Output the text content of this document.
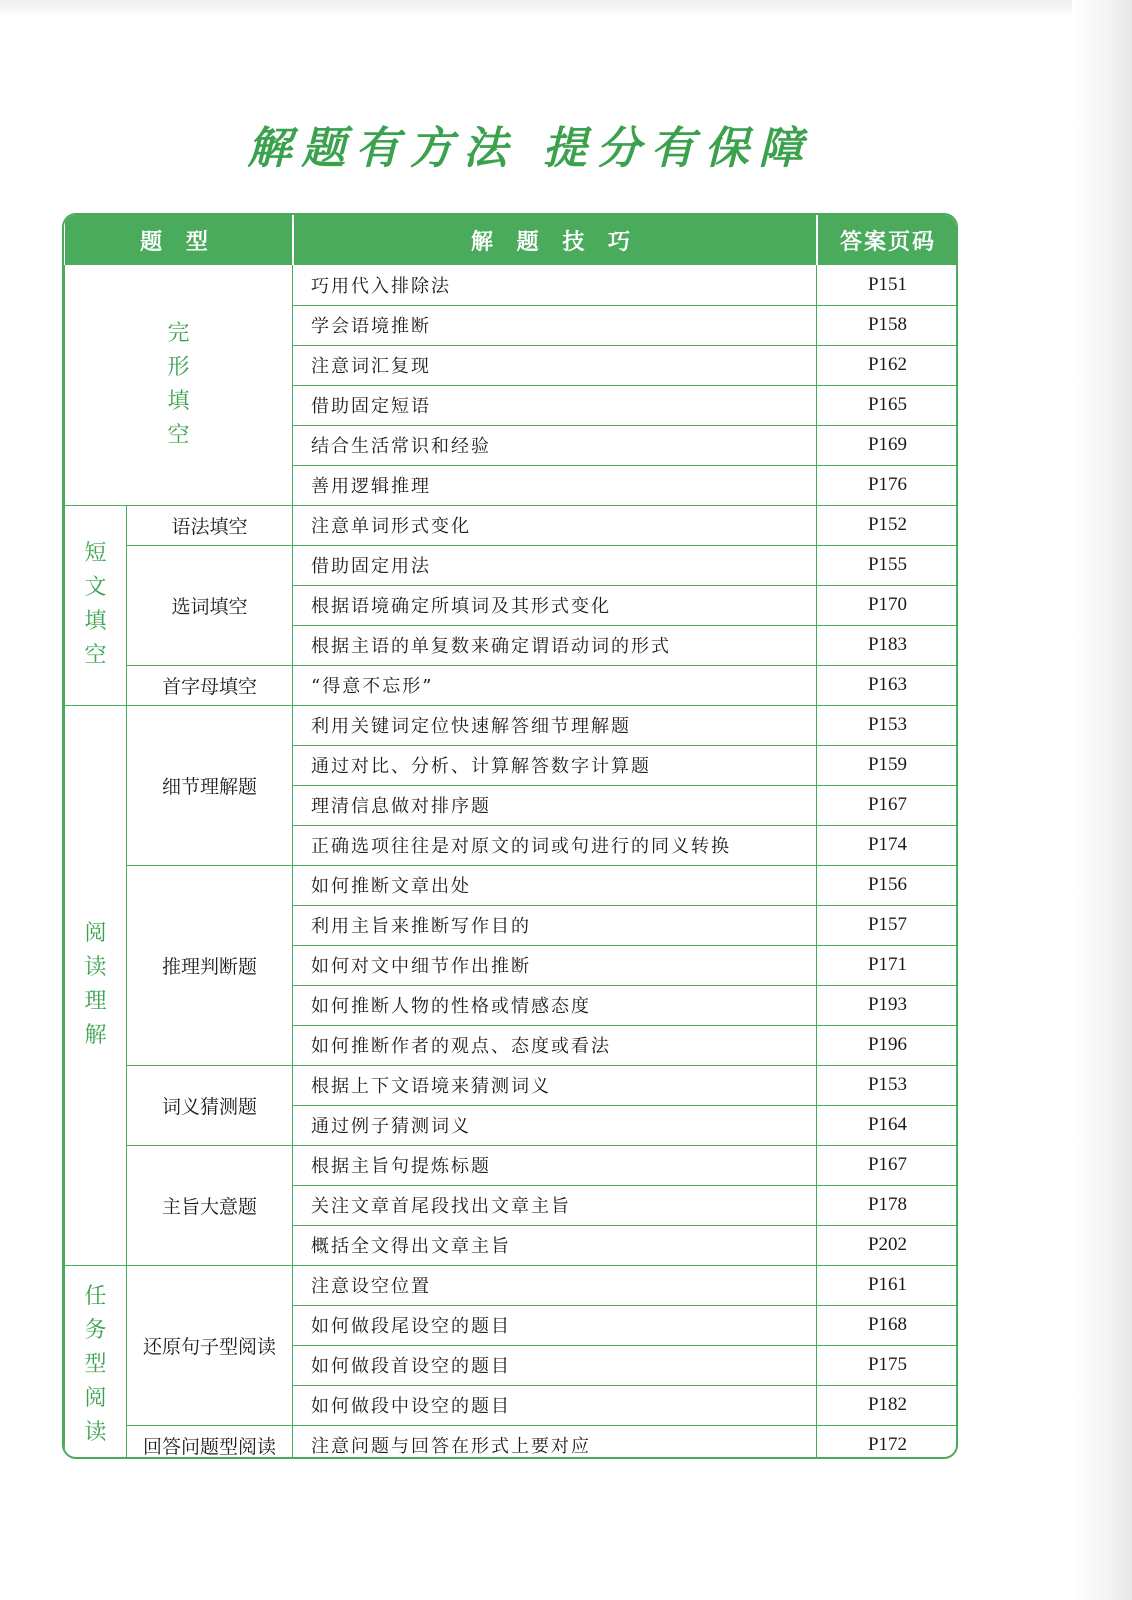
解题有方法 提分有保障
题 型		解 题 技 巧	答案页码
完形填空		巧用代入排除法	P151
		学会语境推断	P158
		注意词汇复现	P162
		借助固定短语	P165
		结合生活常识和经验	P169
		善用逻辑推理	P176
短文填空	语法填空	注意单词形式变化	P152
	选词填空	借助固定用法	P155
		根据语境确定所填词及其形式变化	P170
		根据主语的单复数来确定谓语动词的形式	P183
	首字母填空	“得意不忘形”	P163
阅读理解	细节理解题	利用关键词定位快速解答细节理解题	P153
		通过对比、分析、计算解答数字计算题	P159
		理清信息做对排序题	P167
		正确选项往往是对原文的词或句进行的同义转换	P174
	推理判断题	如何推断文章出处	P156
		利用主旨来推断写作目的	P157
		如何对文中细节作出推断	P171
		如何推断人物的性格或情感态度	P193
		如何推断作者的观点、态度或看法	P196
	词义猜测题	根据上下文语境来猜测词义	P153
		通过例子猜测词义	P164
	主旨大意题	根据主旨句提炼标题	P167
		关注文章首尾段找出文章主旨	P178
		概括全文得出文章主旨	P202
任务型阅读	还原句子型阅读	注意设空位置	P161
		如何做段尾设空的题目	P168
		如何做段首设空的题目	P175
		如何做段中设空的题目	P182
	回答问题型阅读	注意问题与回答在形式上要对应	P172
